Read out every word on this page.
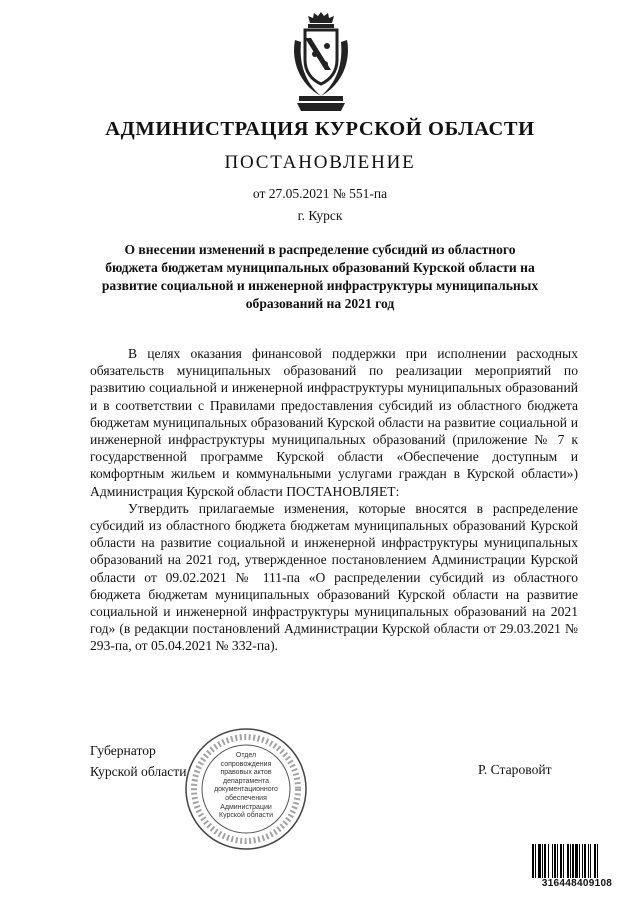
АДМИНИСТРАЦИЯ КУРСКОЙ ОБЛАСТИ
ПОСТАНОВЛЕНИЕ
от 27.05.2021 № 551-па
г. Курск
О внесении изменений в распределение субсидий из областного
бюджета бюджетам муниципальных образований Курской области на
развитие социальной и инженерной инфраструктуры муниципальных
образований на 2021 год

В целях оказания финансовой поддержки при исполнении расходных обязательств муниципальных образований по реализации мероприятий по развитию социальной и инженерной инфраструктуры муниципальных образований и в соответствии с Правилами предоставления субсидий из областного бюджета бюджетам муниципальных образований Курской области на развитие социальной и инженерной инфраструктуры муниципальных образований (приложение № 7 к государственной программе Курской области «Обеспечение доступным и комфортным жильем и коммунальными услугами граждан в Курской области») Администрация Курской области ПОСТАНОВЛЯЕТ:

Утвердить прилагаемые изменения, которые вносятся в распределение субсидий из областного бюджета бюджетам муниципальных образований Курской области на развитие социальной и инженерной инфраструктуры муниципальных образований на 2021 год, утвержденное постановлением Администрации Курской области от 09.02.2021 № 111-па «О распределении субсидий из областного бюджета бюджетам муниципальных образований Курской области на развитие социальной и инженерной инфраструктуры муниципальных образований на 2021 год» (в редакции постановлений Администрации Курской области от 29.03.2021 № 293-па, от 05.04.2021 № 332-па).

Губернатор
Курской области	Р. Старовойт
Отдел
сопровождения
правовых актов
департамента
документационного
обеспечения
Администрации
Курской области
316448409108
